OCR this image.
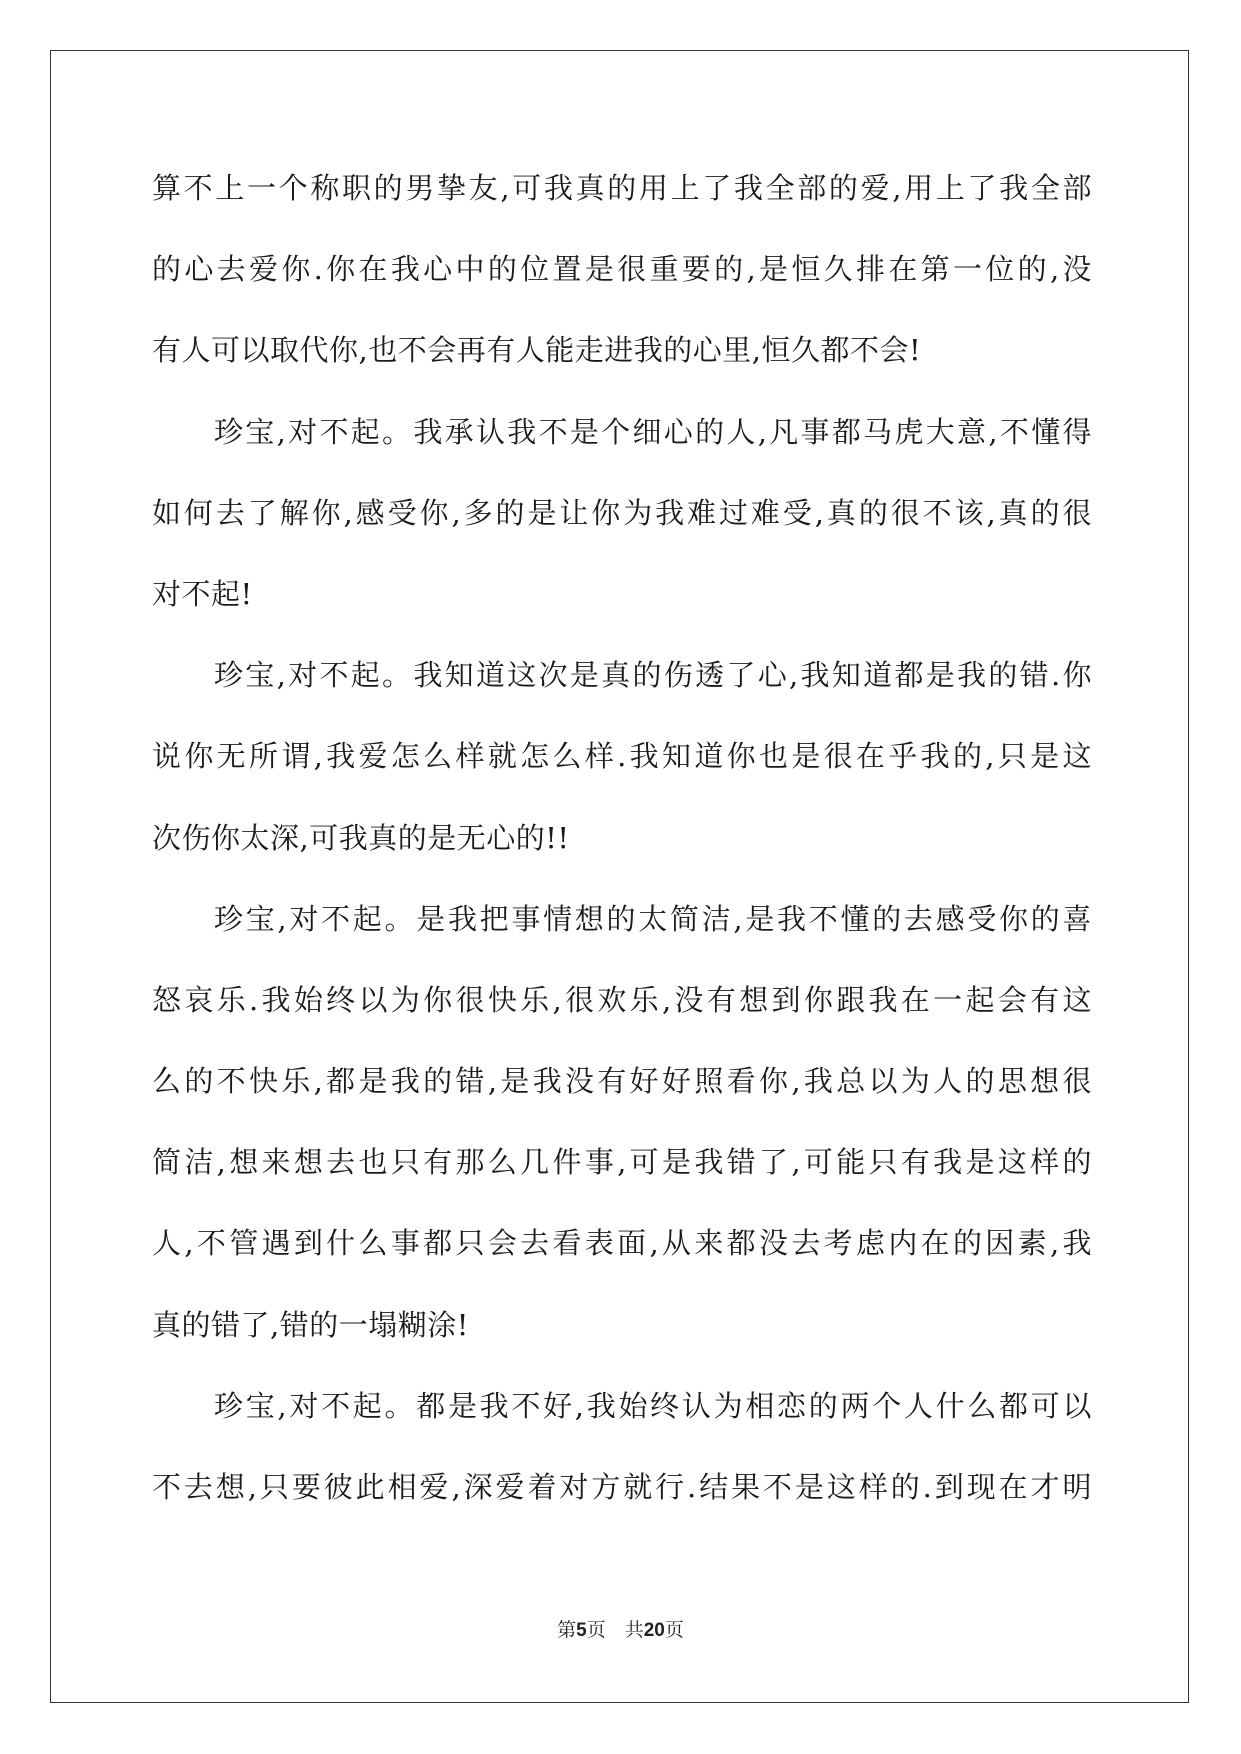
算不上一个称职的男挚友,可我真的用上了我全部的爱,用上了我全部
的心去爱你.你在我心中的位置是很重要的,是恒久排在第一位的,没
有人可以取代你,也不会再有人能走进我的心里,恒久都不会!
珍宝,对不起。我承认我不是个细心的人,凡事都马虎大意,不懂得
如何去了解你,感受你,多的是让你为我难过难受,真的很不该,真的很
对不起!
珍宝,对不起。我知道这次是真的伤透了心,我知道都是我的错.你
说你无所谓,我爱怎么样就怎么样.我知道你也是很在乎我的,只是这
次伤你太深,可我真的是无心的!!
珍宝,对不起。是我把事情想的太简洁,是我不懂的去感受你的喜
怒哀乐.我始终以为你很快乐,很欢乐,没有想到你跟我在一起会有这
么的不快乐,都是我的错,是我没有好好照看你,我总以为人的思想很
简洁,想来想去也只有那么几件事,可是我错了,可能只有我是这样的
人,不管遇到什么事都只会去看表面,从来都没去考虑内在的因素,我
真的错了,错的一塌糊涂!
珍宝,对不起。都是我不好,我始终认为相恋的两个人什么都可以
不去想,只要彼此相爱,深爱着对方就行.结果不是这样的.到现在才明
第5页  共20页
